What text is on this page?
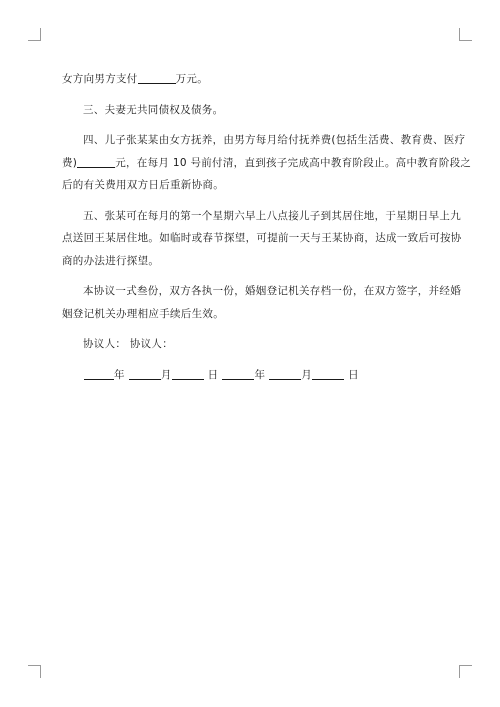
女方向男方支付	万元。
三、夫妻无共同债权及债务。
四、儿子张某某由女方抚养，由男方每月给付抚养费(包括生活费、教育费、医疗
费)	元，在每月 10 号前付清，直到孩子完成高中教育阶段止。高中教育阶段之
后的有关费用双方日后重新协商。
五、张某可在每月的第一个星期六早上八点接儿子到其居住地，于星期日早上九
点送回王某居住地。如临时或春节探望，可提前一天与王某协商，达成一致后可按协
商的办法进行探望。
本协议一式叁份，双方各执一份，婚姻登记机关存档一份，在双方签字，并经婚
姻登记机关办理相应手续后生效。
协议人： 协议人：
年	月	日	年	月	日
